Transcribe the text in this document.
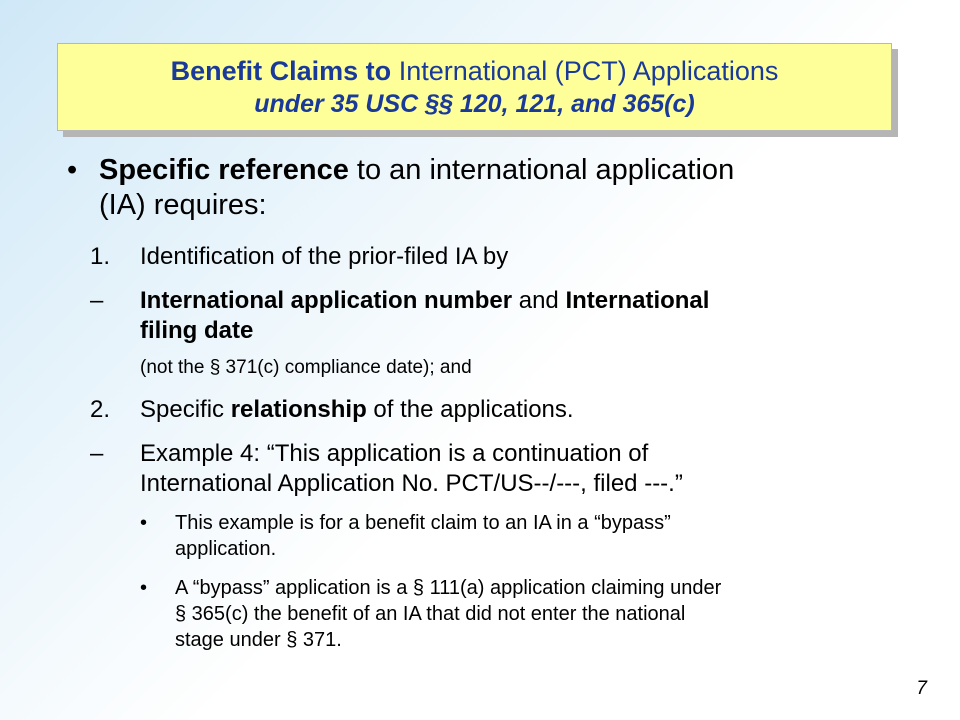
Benefit Claims to International (PCT) Applications
under 35 USC §§ 120, 121, and 365(c)
• Specific reference to an international application
(IA) requires:
1. Identification of the prior-filed IA by
– International application number and International
filing date
(not the § 371(c) compliance date); and
2. Specific relationship of the applications.
– Example 4: “This application is a continuation of
International Application No. PCT/US--/---, filed ---.”
• This example is for a benefit claim to an IA in a “bypass”
application.
• A “bypass” application is a § 111(a) application claiming under
§ 365(c) the benefit of an IA that did not enter the national
stage under § 371.
7
